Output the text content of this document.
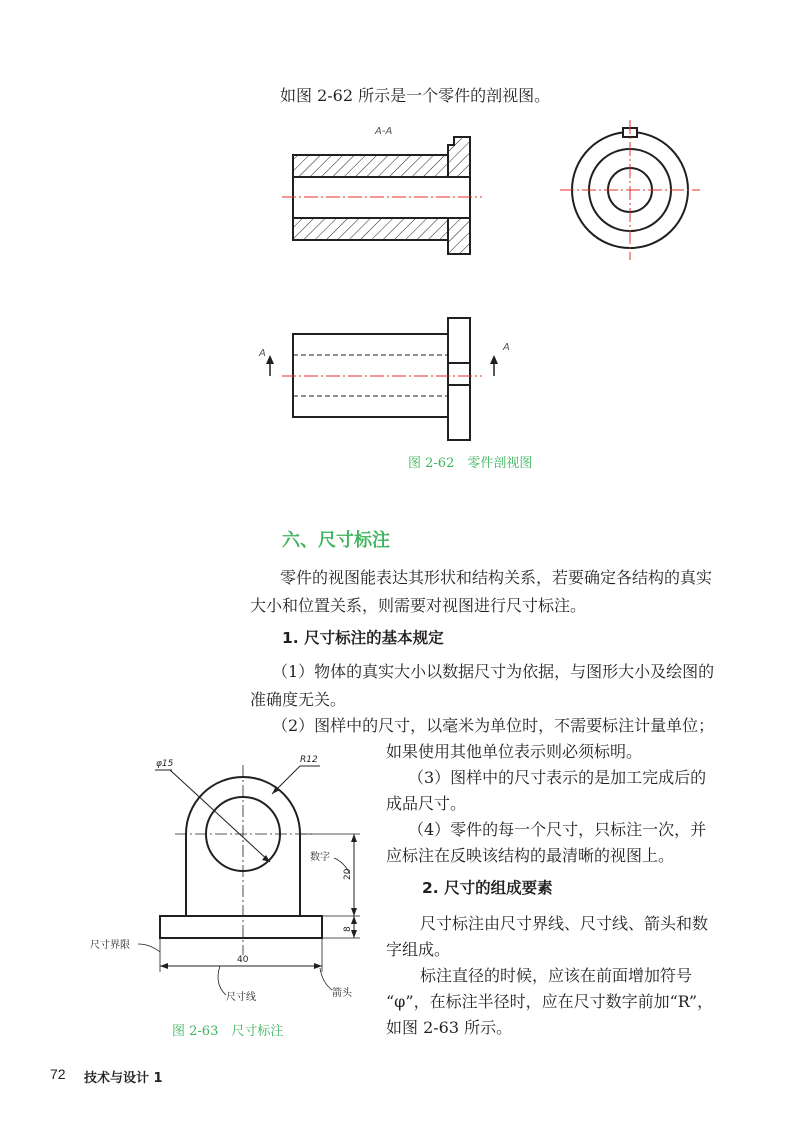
如图 2-62 所示是一个零件的剖视图。
A-A
A
A
图 2-62　零件剖视图
六、尺寸标注
零件的视图能表达其形状和结构关系，若要确定各结构的真实
大小和位置关系，则需要对视图进行尺寸标注。
1. 尺寸标注的基本规定
（1）物体的真实大小以数据尺寸为依据，与图形大小及绘图的
准确度无关。
（2）图样中的尺寸，以毫米为单位时，不需要标注计量单位；
如果使用其他单位表示则必须标明。
（3）图样中的尺寸表示的是加工完成后的
成品尺寸。
（4）零件的每一个尺寸，只标注一次，并
应标注在反映该结构的最清晰的视图上。
2. 尺寸的组成要素
尺寸标注由尺寸界线、尺寸线、箭头和数
字组成。
标注直径的时候，应该在前面增加符号
“φ”，在标注半径时，应在尺寸数字前加“R”，
如图 2-63 所示。
φ15	R12
数字
20
8
40
尺寸界限
尺寸线	箭头
图 2-63　尺寸标注
72 技术与设计 1
